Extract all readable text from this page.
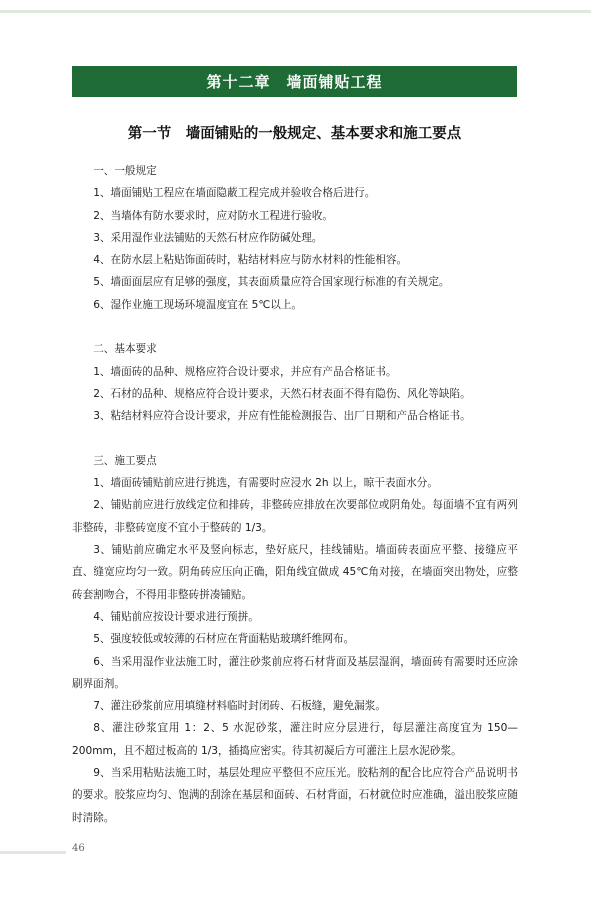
第十二章　墙面铺贴工程
第一节　墙面铺贴的一般规定、基本要求和施工要点

一、一般规定

1、墙面铺贴工程应在墙面隐蔽工程完成并验收合格后进行。

2、当墙体有防水要求时，应对防水工程进行验收。

3、采用湿作业法铺贴的天然石材应作防碱处理。

4、在防水层上粘贴饰面砖时，粘结材料应与防水材料的性能相容。

5、墙面面层应有足够的强度，其表面质量应符合国家现行标准的有关规定。

6、湿作业施工现场环境温度宜在 5℃以上。

二、基本要求

1、墙面砖的品种、规格应符合设计要求，并应有产品合格证书。

2、石材的品种、规格应符合设计要求，天然石材表面不得有隐伤、风化等缺陷。

3、粘结材料应符合设计要求，并应有性能检测报告、出厂日期和产品合格证书。

三、施工要点

1、墙面砖铺贴前应进行挑选，有需要时应浸水 2h 以上，晾干表面水分。

2、铺贴前应进行放线定位和排砖，非整砖应排放在次要部位或阴角处。每面墙不宜有两列非整砖，非整砖宽度不宜小于整砖的 1/3。

3、铺贴前应确定水平及竖向标志，垫好底尺，挂线铺贴。墙面砖表面应平整、接缝应平直、缝宽应均匀一致。阴角砖应压向正确，阳角线宜做成 45℃角对接，在墙面突出物处，应整砖套割吻合，不得用非整砖拼凑铺贴。

4、铺贴前应按设计要求进行预拼。

5、强度较低或较薄的石材应在背面粘贴玻璃纤维网布。

6、当采用湿作业法施工时，灌注砂浆前应将石材背面及基层湿润，墙面砖有需要时还应涂刷界面剂。

7、灌注砂浆前应用填缝材料临时封闭砖、石板缝，避免漏浆。

8、灌注砂浆宜用 1：2、5 水泥砂浆，灌注时应分层进行，每层灌注高度宜为 150—200mm，且不超过板高的 1/3，插捣应密实。待其初凝后方可灌注上层水泥砂浆。

9、当采用粘贴法施工时，基层处理应平整但不应压光。胶粘剂的配合比应符合产品说明书的要求。胶浆应均匀、饱满的刮涂在基层和面砖、石材背面，石材就位时应准确，溢出胶浆应随时清除。

46
